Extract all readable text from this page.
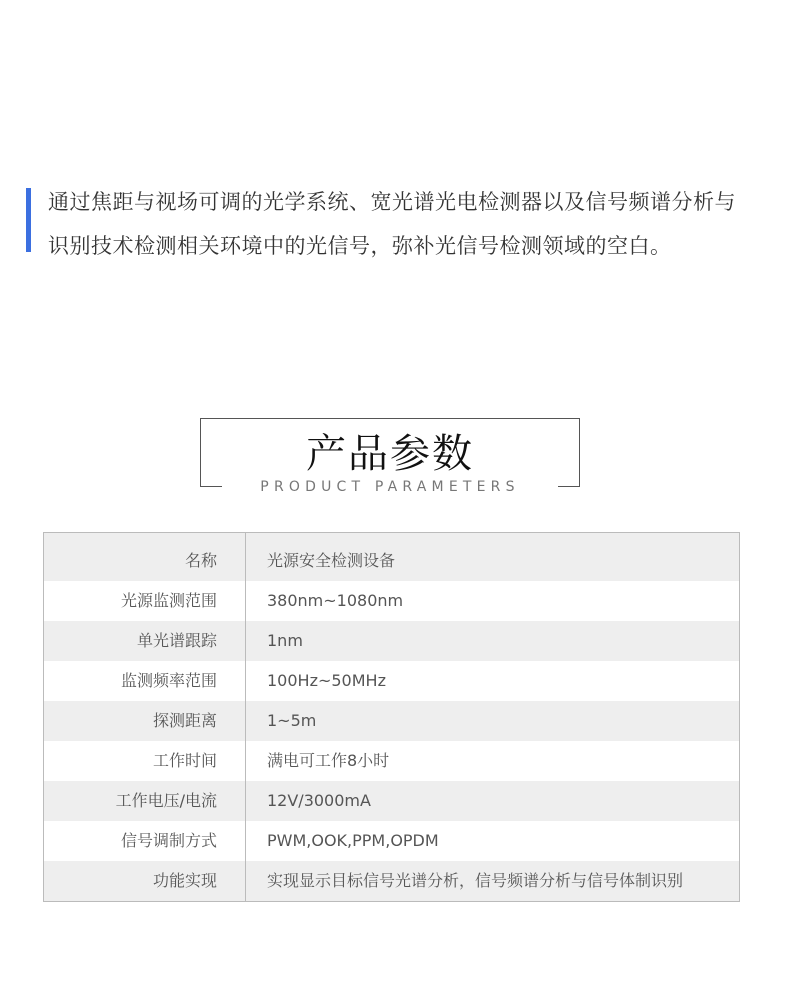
通过焦距与视场可调的光学系统、宽光谱光电检测器以及信号频谱分析与识别技术检测相关环境中的光信号，弥补光信号检测领域的空白。

产品参数
PRODUCT PARAMETERS
名称	光源安全检测设备
光源监测范围	380nm~1080nm
单光谱跟踪	1nm
监测频率范围	100Hz~50MHz
探测距离	1~5m
工作时间	满电可工作8小时
工作电压/电流	12V/3000mA
信号调制方式	PWM,OOK,PPM,OPDM
功能实现	实现显示目标信号光谱分析，信号频谱分析与信号体制识别
